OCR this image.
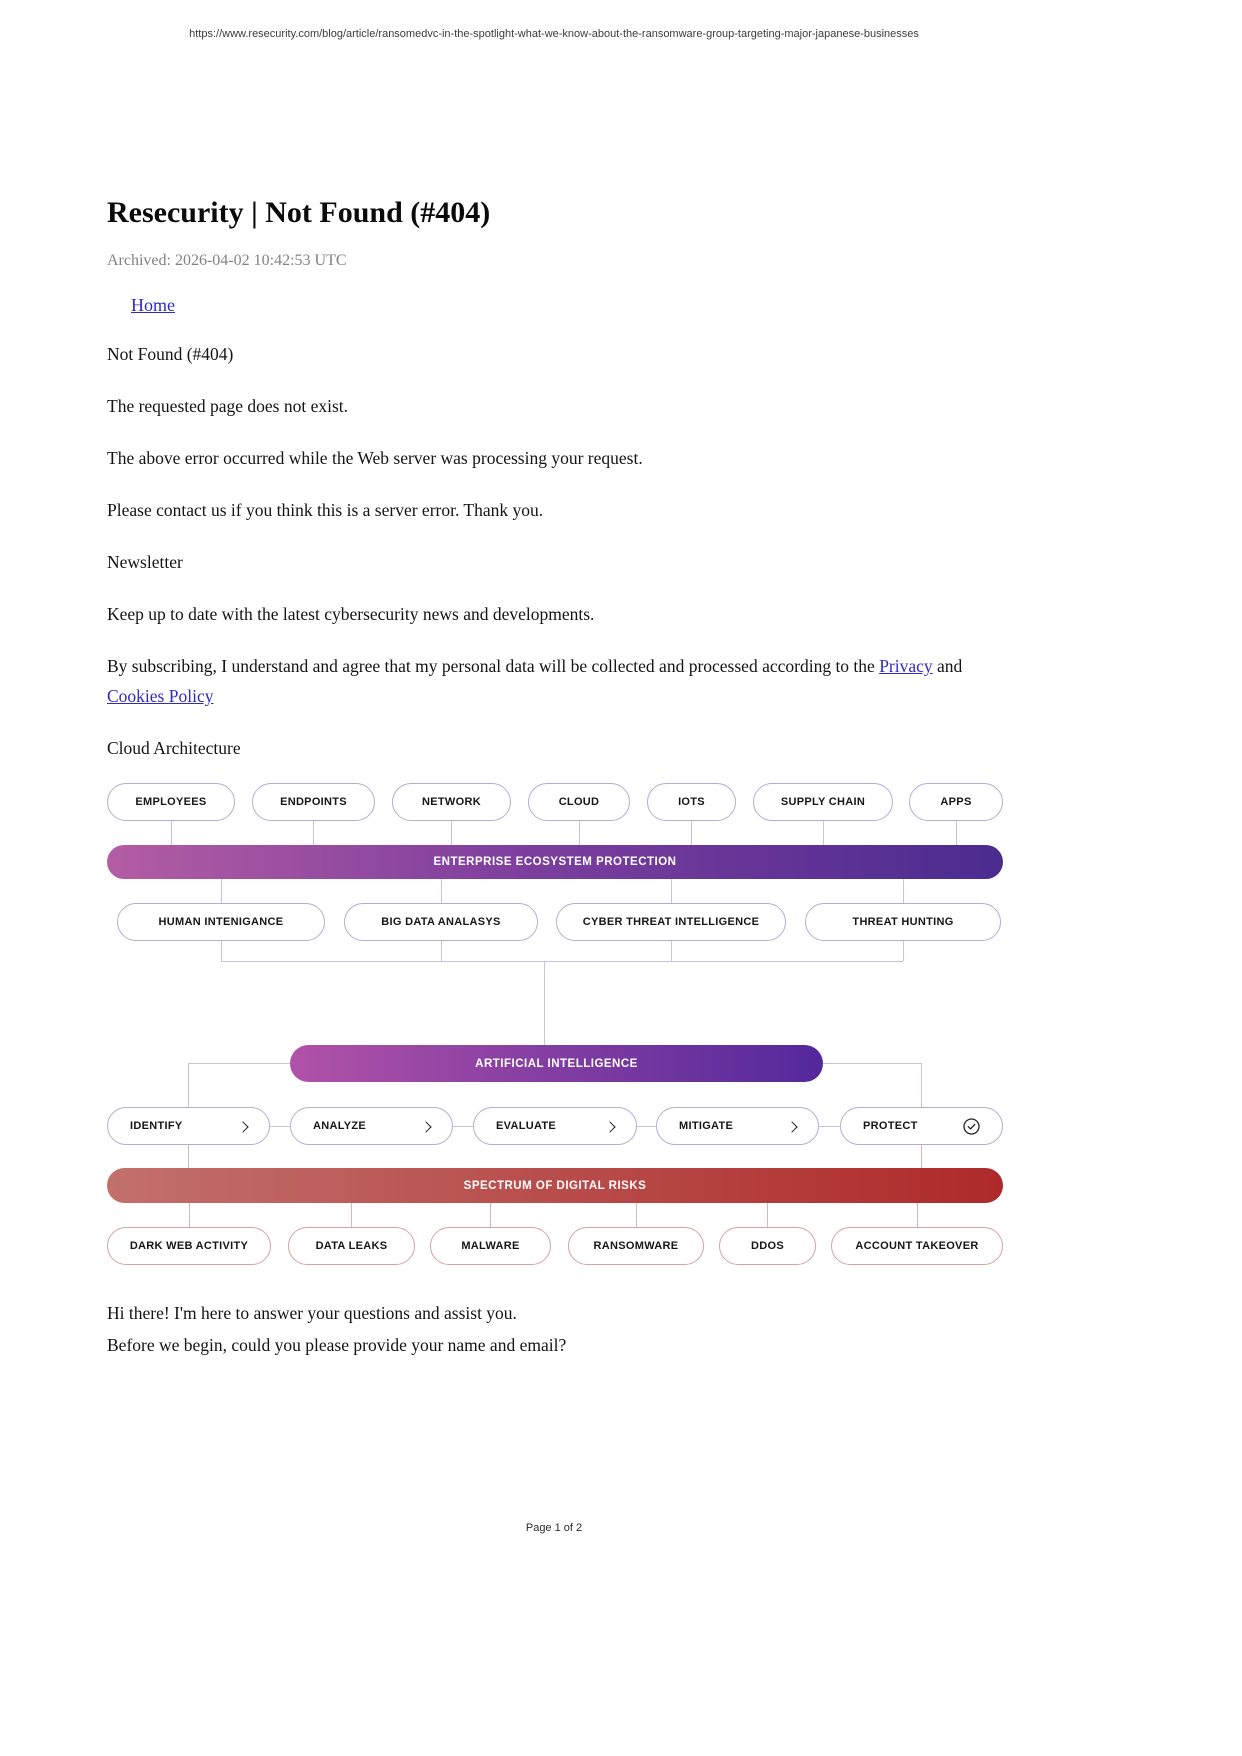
https://www.resecurity.com/blog/article/ransomedvc-in-the-spotlight-what-we-know-about-the-ransomware-group-targeting-major-japanese-businesses
Resecurity | Not Found (#404)
Archived: 2026-04-02 10:42:53 UTC
Home

Not Found (#404)

The requested page does not exist.

The above error occurred while the Web server was processing your request.

Please contact us if you think this is a server error. Thank you.

Newsletter

Keep up to date with the latest cybersecurity news and developments.

By subscribing, I understand and agree that my personal data will be collected and processed according to the Privacy and Cookies Policy

Cloud Architecture

EMPLOYEES	ENDPOINTS	NETWORK	CLOUD	IOTS	SUPPLY CHAIN	APPS
ENTERPRISE ECOSYSTEM PROTECTION
HUMAN INTENIGANCE	BIG DATA ANALASYS	CYBER THREAT INTELLIGENCE	THREAT HUNTING
ARTIFICIAL INTELLIGENCE
IDENTIFY	ANALYZE	EVALUATE	MITIGATE	PROTECT
SPECTRUM OF DIGITAL RISKS
DARK WEB ACTIVITY	DATA LEAKS	MALWARE	RANSOMWARE	DDOS	ACCOUNT TAKEOVER
Hi there! I'm here to answer your questions and assist you.
Before we begin, could you please provide your name and email?
Page 1 of 2
